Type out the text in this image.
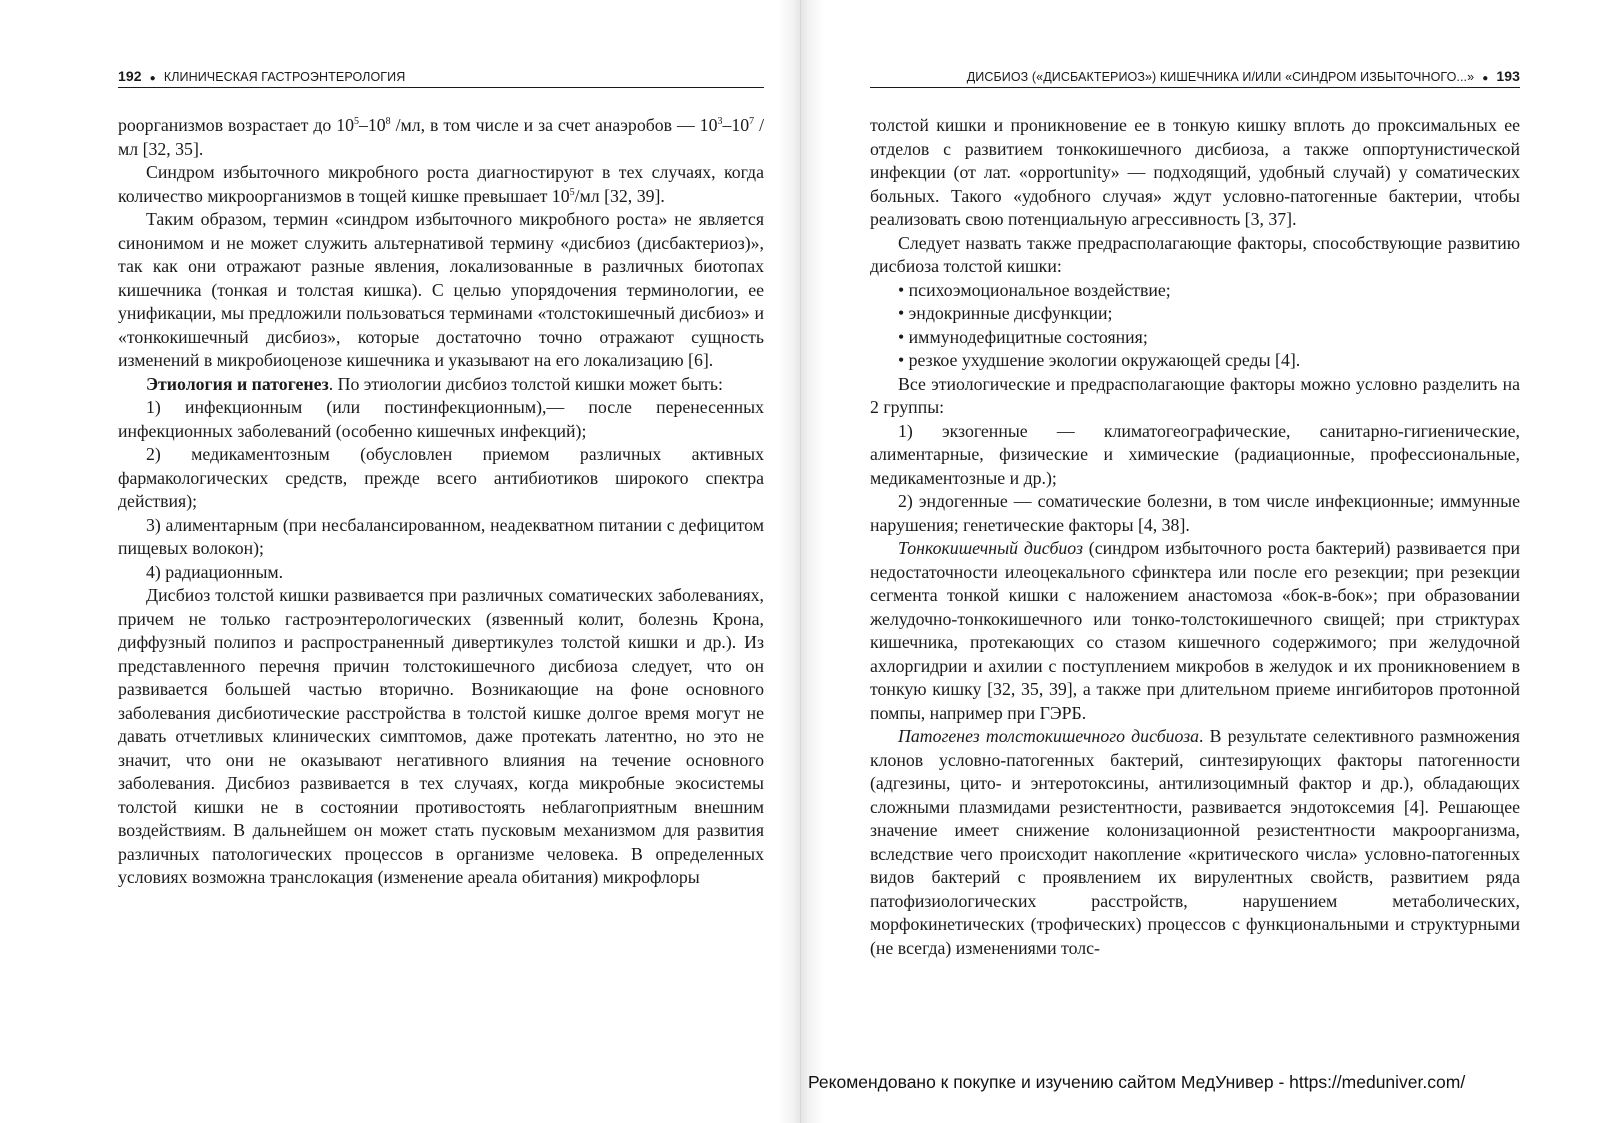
192 ● КЛИНИЧЕСКАЯ ГАСТРОЭНТЕРОЛОГИЯ

роорганизмов возрастает до $10^5-10^8$ /мл, в том числе и за счет анаэробов — $10^3-10^7$ /мл [32, 35].

Синдром избыточного микробного роста диагностируют в тех случаях, когда количество микроорганизмов в тощей кишке превышает $10^5/мл$ [32, 39].

Таким образом, термин «синдром избыточного микробного роста» не является синонимом и не может служить альтернативой термину «дисбиоз (дисбактериоз)», так как они отражают разные явления, локализованные в различных биотопах кишечника (тонкая и толстая кишка). С целью упорядочения терминологии, ее унификации, мы предложили пользоваться терминами «толстокишечный дисбиоз» и «тонкокишечный дисбиоз», которые достаточно точно отражают сущность изменений в микробиоценозе кишечника и указывают на его локализацию [6].

Этиология и патогенез. По этиологии дисбиоз толстой кишки может быть:

1) инфекционным (или постинфекционным),— после перенесенных инфекционных заболеваний (особенно кишечных инфекций);

2) медикаментозным (обусловлен приемом различных активных фармакологических средств, прежде всего антибиотиков широкого спектра действия);

3) алиментарным (при несбалансированном, неадекватном питании с дефицитом пищевых волокон);

4) радиационным.

Дисбиоз толстой кишки развивается при различных соматических заболеваниях, причем не только гастроэнтерологических (язвенный колит, болезнь Крона, диффузный полипоз и распространенный дивертикулез толстой кишки и др.). Из представленного перечня причин толстокишечного дисбиоза следует, что он развивается большей частью вторично. Возникающие на фоне основного заболевания дисбиотические расстройства в толстой кишке долгое время могут не давать отчетливых клинических симптомов, даже протекать латентно, но это не значит, что они не оказывают негативного влияния на течение основного заболевания. Дисбиоз развивается в тех случаях, когда микробные экосистемы толстой кишки не в состоянии противостоять неблагоприятным внешним воздействиям. В дальнейшем он может стать пусковым механизмом для развития различных патологических процессов в организме человека. В определенных условиях возможна транслокация (изменение ареала обитания) микрофлоры

ДИСБИОЗ («ДИСБАКТЕРИОЗ») КИШЕЧНИКА И/ИЛИ «СИНДРОМ ИЗБЫТОЧНОГО...» ● 193

толстой кишки и проникновение ее в тонкую кишку вплоть до проксимальных ее отделов с развитием тонкокишечного дисбиоза, а также оппортунистической инфекции (от лат. «opportunity» — подходящий, удобный случай) у соматических больных. Такого «удобного случая» ждут условно-патогенные бактерии, чтобы реализовать свою потенциальную агрессивность [3, 37].

Следует назвать также предрасполагающие факторы, способствующие развитию дисбиоза толстой кишки:

• психоэмоциональное воздействие;

• эндокринные дисфункции;

• иммунодефицитные состояния;

• резкое ухудшение экологии окружающей среды [4].

Все этиологические и предрасполагающие факторы можно условно разделить на 2 группы:

1) экзогенные — климатогеографические, санитарно-гигиенические, алиментарные, физические и химические (радиационные, профессиональные, медикаментозные и др.);

2) эндогенные — соматические болезни, в том числе инфекционные; иммунные нарушения; генетические факторы [4, 38].

Тонкокишечный дисбиоз (синдром избыточного роста бактерий) развивается при недостаточности илеоцекального сфинктера или после его резекции; при резекции сегмента тонкой кишки с наложением анастомоза «бок-в-бок»; при образовании желудочно-тонкокишечного или тонко-толстокишечного свищей; при стриктурах кишечника, протекающих со стазом кишечного содержимого; при желудочной ахлоргидрии и ахилии с поступлением микробов в желудок и их проникновением в тонкую кишку [32, 35, 39], а также при длительном приеме ингибиторов протонной помпы, например при ГЭРБ.

Патогенез толстокишечного дисбиоза. В результате селективного размножения клонов условно-патогенных бактерий, синтезирующих факторы патогенности (адгезины, цито- и энтеротоксины, антилизоцимный фактор и др.), обладающих сложными плазмидами резистентности, развивается эндотоксемия [4]. Решающее значение имеет снижение колонизационной резистентности макроорганизма, вследствие чего происходит накопление «критического числа» условно-патогенных видов бактерий с проявлением их вирулентных свойств, развитием ряда патофизиологических расстройств, нарушением метаболических, морфокинетических (трофических) процессов с функциональными и структурными (не всегда) изменениями толс-

Рекомендовано к покупке и изучению сайтом МедУнивер - https://meduniver.com/
